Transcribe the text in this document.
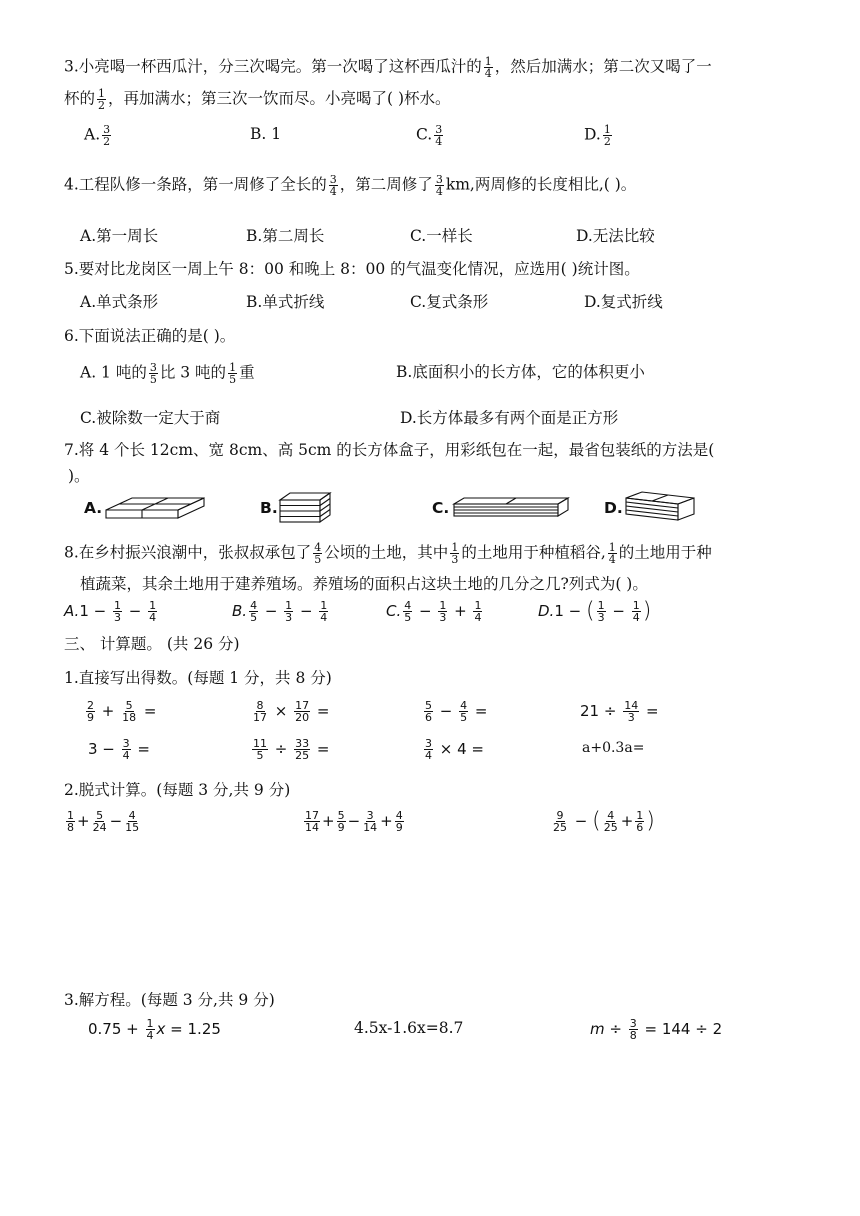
3.小亮喝一杯西瓜汁，分三次喝完。第一次喝了这杯西瓜汁的 $\frac{1}{4}$ ，然后加满水；第二次又喝了一
杯的 $\frac{1}{2}$ ，再加满水；第三次一饮而尽。小亮喝了( )杯水。
A. $\frac{3}{2}$	B. 1	C. $\frac{3}{4}$	D. $\frac{1}{2}$
4.工程队修一条路，第一周修了全长的 $\frac{3}{4}$ ，第二周修了 $\frac{3}{4}$ km,两周修的长度相比,( )。
A.第一周长	B.第二周长	C.一样长	D.无法比较
5.要对比龙岗区一周上午 8：00 和晚上 8：00 的气温变化情况，应选用( )统计图。
A.单式条形	B.单式折线	C.复式条形	D.复式折线
6.下面说法正确的是( )。
A. 1 吨的 $\frac{3}{5}$ 比 3 吨的 $\frac{1}{5}$ 重	B.底面积小的长方体，它的体积更小
C.被除数一定大于商	D.长方体最多有两个面是正方形
7.将 4 个长 12cm、宽 8cm、高 5cm 的长方体盒子，用彩纸包在一起，最省包装纸的方法是(
)。
A.	B.	C.	D.
8.在乡村振兴浪潮中，张叔叔承包了 $\frac{4}{5}$ 公顷的土地，其中 $\frac{1}{3}$ 的土地用于种植稻谷, $\frac{1}{4}$ 的土地用于种
植蔬菜，其余土地用于建养殖场。养殖场的面积占这块土地的几分之几?列式为( )。
$A.1 - \frac{1}{3} - \frac{1}{4}$	B. $\frac{4}{5} - \frac{1}{3} - \frac{1}{4}$	C. $\frac{4}{5} - \frac{1}{3} + \frac{1}{4}$	D.1 − ( $\frac{1}{3} - \frac{1}{4}$ )
三、 计算题。 (共 26 分)
1.直接写出得数。(每题 1 分，共 8 分)
$\frac{2}{9} + \frac{5}{18}$ =	$\frac{8}{17} \times \frac{17}{20}$ =	$\frac{5}{6} - \frac{4}{5}$ =	$21 \div \frac{14}{3}$ =
$3 - \frac{3}{4}$ =	$\frac{11}{5} \div \frac{33}{25}$ =	$\frac{3}{4} \times 4$ =	a+0.3a=
2.脱式计算。(每题 3 分,共 9 分)
$\frac{1}{8} + \frac{5}{24} - \frac{4}{15}$	$\frac{17}{14} + \frac{5}{9} - \frac{3}{14} + \frac{4}{9}$	$\frac{9}{25}$ − ( $\frac{4}{25} + \frac{1}{6}$ )
3.解方程。(每题 3 分,共 9 分)
$0.75 + \frac{1}{4}$ x = 1.25	4.5x-1.6x=8.7	$m \div \frac{3}{8} = 144 \div 2$
